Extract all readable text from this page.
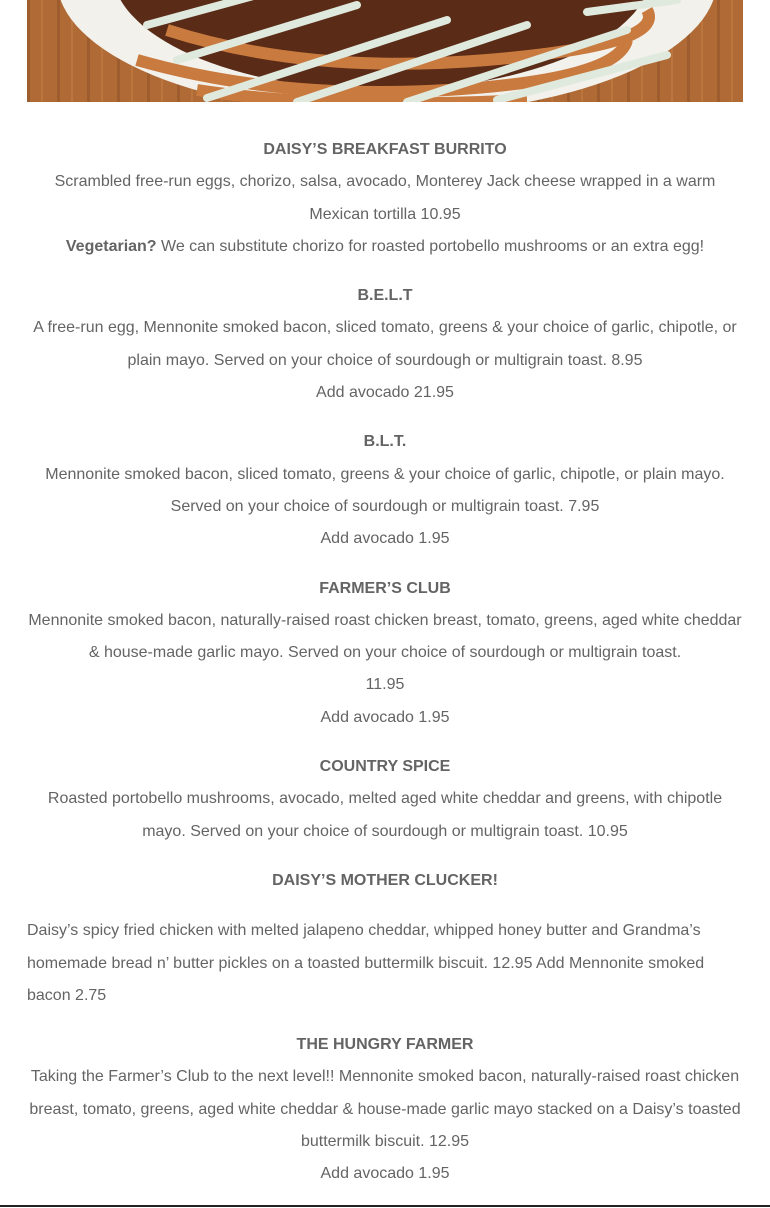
DAISY’S BREAKFAST BURRITO

Scrambled free-run eggs, chorizo, salsa, avocado, Monterey Jack cheese wrapped in a warm Mexican tortilla 10.95

Vegetarian? We can substitute chorizo for roasted portobello mushrooms or an extra egg!

B.E.L.T

A free-run egg, Mennonite smoked bacon, sliced tomato, greens & your choice of garlic, chipotle, or plain mayo. Served on your choice of sourdough or multigrain toast. 8.95

Add avocado 21.95

B.L.T.

Mennonite smoked bacon, sliced tomato, greens & your choice of garlic, chipotle, or plain mayo. Served on your choice of sourdough or multigrain toast. 7.95

Add avocado 1.95

FARMER’S CLUB

Mennonite smoked bacon, naturally-raised roast chicken breast, tomato, greens, aged white cheddar & house-made garlic mayo. Served on your choice of sourdough or multigrain toast.

11.95

Add avocado 1.95

COUNTRY SPICE

Roasted portobello mushrooms, avocado, melted aged white cheddar and greens, with chipotle mayo. Served on your choice of sourdough or multigrain toast. 10.95

DAISY’S MOTHER CLUCKER!

Daisy’s spicy fried chicken with melted jalapeno cheddar, whipped honey butter and Grandma’s homemade bread n’ butter pickles on a toasted buttermilk biscuit. 12.95 Add Mennonite smoked bacon 2.75

THE HUNGRY FARMER

Taking the Farmer’s Club to the next level!! Mennonite smoked bacon, naturally-raised roast chicken breast, tomato, greens, aged white cheddar & house-made garlic mayo stacked on a Daisy’s toasted buttermilk biscuit. 12.95

Add avocado 1.95
